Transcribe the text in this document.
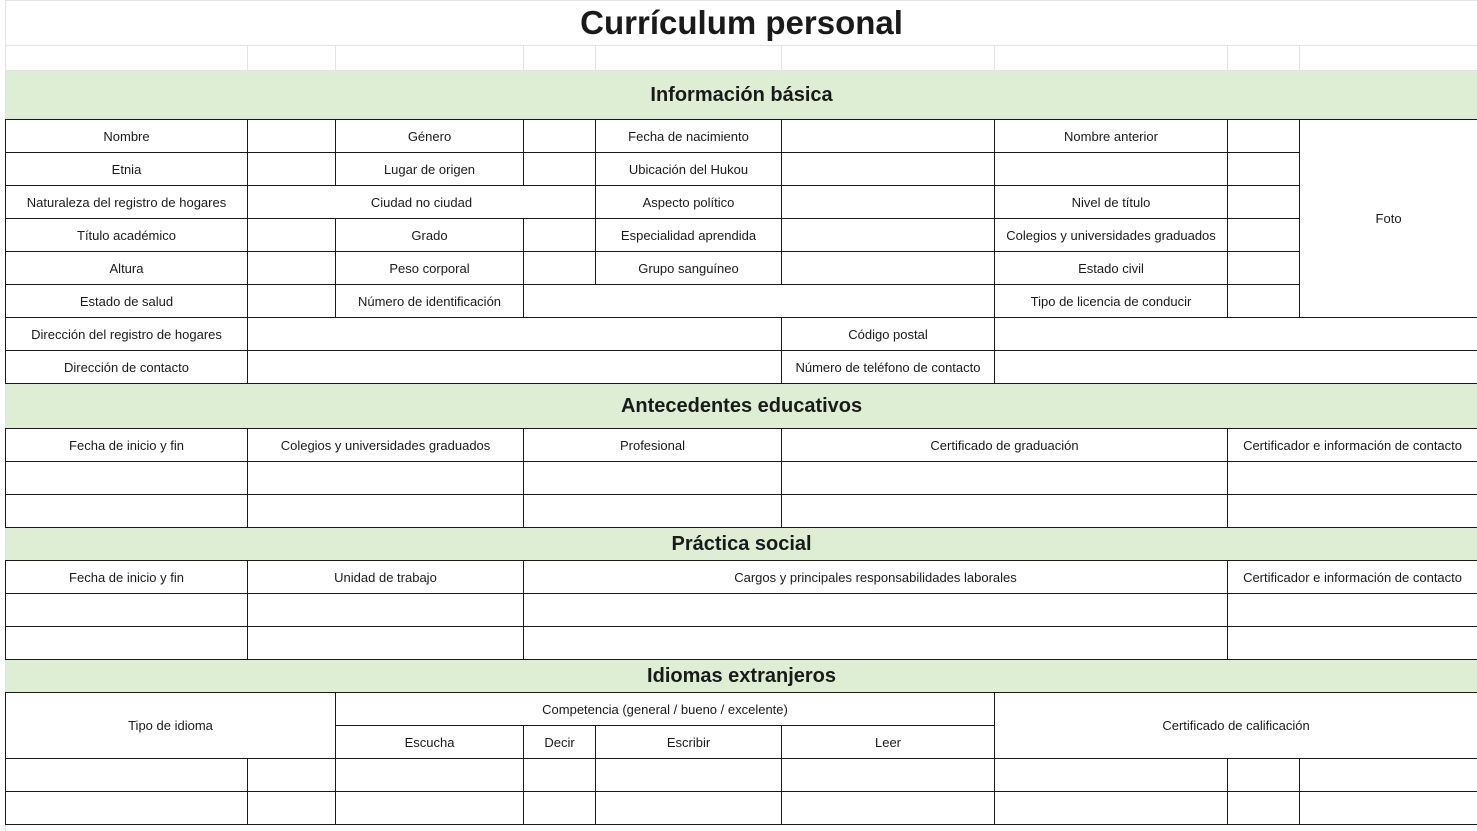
Currículum personal								

Información básica								
Nombre		Género		Fecha de nacimiento		Nombre anterior		Foto
Etnia		Lugar de origen		Ubicación del Hukou				
Naturaleza del registro de hogares	Ciudad no ciudad			Aspecto político		Nivel de título		
Título académico		Grado		Especialidad aprendida		Colegios y universidades graduados		
Altura		Peso corporal		Grupo sanguíneo		Estado civil		
Estado de salud		Número de identificación				Tipo de licencia de conducir		
Dirección del registro de hogares					Código postal			
Dirección de contacto					Número de teléfono de contacto			
Antecedentes educativos								
Fecha de inicio y fin	Colegios y universidades graduados		Profesional		Certificado de graduación		Certificador e información de contacto	

Práctica social								
Fecha de inicio y fin	Unidad de trabajo		Cargos y principales responsabilidades laborales				Certificador e información de contacto	

Idiomas extranjeros								
Tipo de idioma		Competencia (general / bueno / excelente)				Certificado de calificación		
		Escucha	Decir	Escribir	Leer			
